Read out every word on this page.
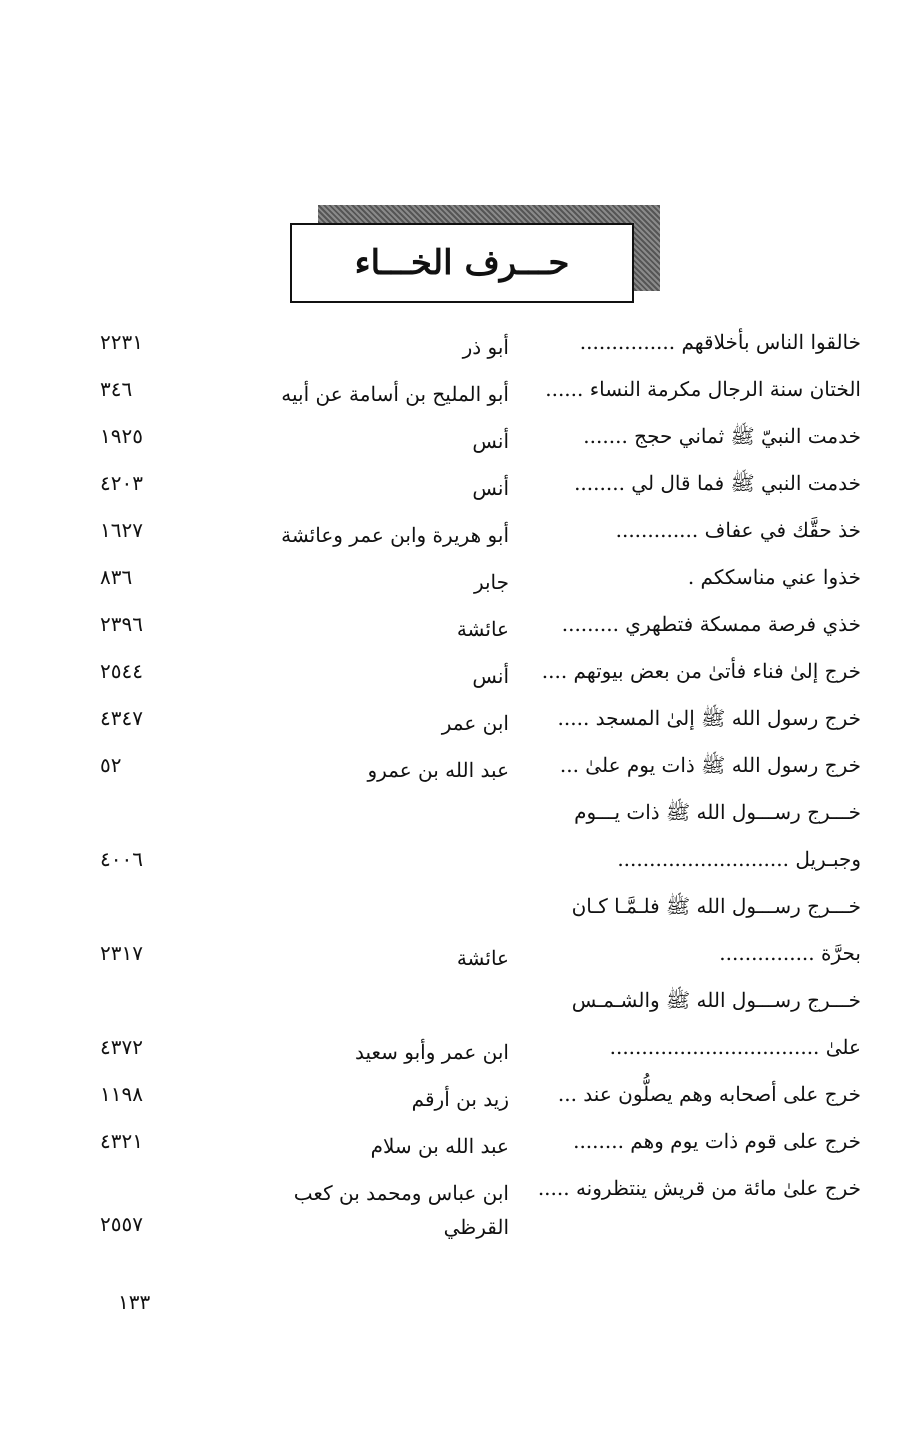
حـــرف الخـــاء
خالقوا الناس بأخلاقهم ...............
أبو ذر
٢٢٣١
الختان سنة الرجال مكرمة النساء ......
أبو المليح بن أسامة عن أبيه
٣٤٦
خدمت النبيّ ﷺ ثماني حجج .......
أنس
١٩٢٥
خدمت النبي ﷺ فما قال لي ........
أنس
٤٢٠٣
خذ حقَّك في عفاف .............
أبو هريرة وابن عمر وعائشة
١٦٢٧
خذوا عني مناسككم .
جابر
٨٣٦
خذي فرصة ممسكة فتطهري .........
عائشة
٢٣٩٦
خرج إلىٰ فناء فأتىٰ من بعض بيوتهم ....
أنس
٢٥٤٤
خرج رسول الله ﷺ إلىٰ المسجد .....
ابن عمر
٤٣٤٧
خرج رسول الله ﷺ ذات يوم علىٰ ...
عبد الله بن عمرو
٥٢
خـــرج رســـول الله ﷺ ذات يـــوم
وجبـريل ...........................
٤٠٠٦
خـــرج رســـول الله ﷺ فلـمَّـا كـان
بحرَّة ...............
عائشة
٢٣١٧
خـــرج رســـول الله ﷺ والشـمـس
علىٰ .................................
ابن عمر وأبو سعيد
٤٣٧٢
خرج على أصحابه وهم يصلُّون عند ...
زيد بن أرقم
١١٩٨
خرج على قوم ذات يوم وهم ........
عبد الله بن سلام
٤٣٢١
خرج علىٰ مائة من قريش ينتظرونه .....
ابن عباس ومحمد بن كعب القرظي
٢٥٥٧
١٣٣
